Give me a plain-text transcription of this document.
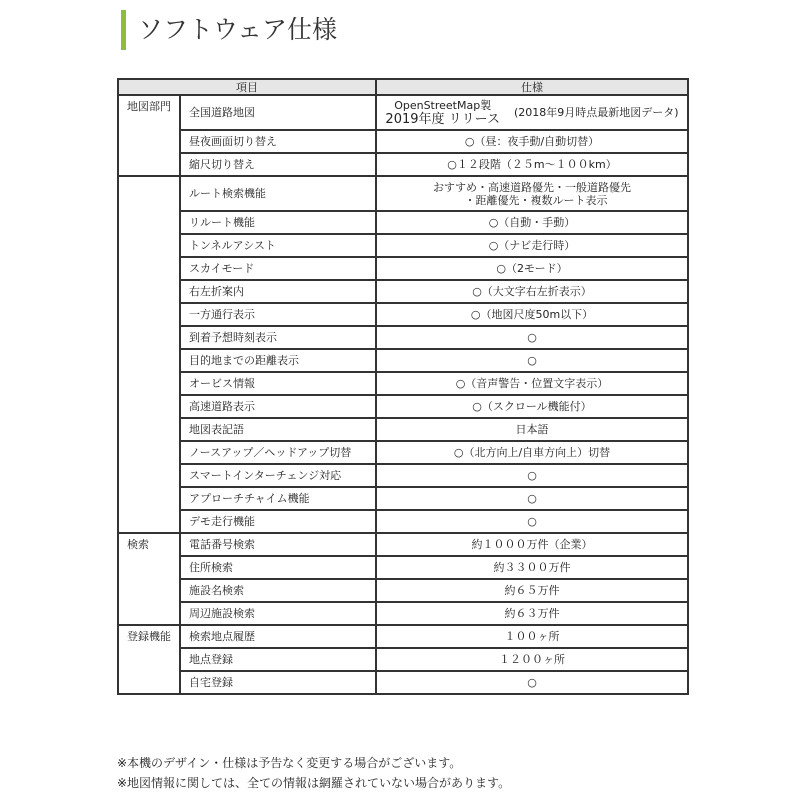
ソフトウェア仕様
項目		仕様
地図部門	全国道路地図	OpenStreetMap製
2019年度 リリース (2018年9月時点最新地図データ)

	昼夜画面切り替え	○（昼：夜手動/自動切替）
	縮尺切り替え	○１２段階（２５m～１００km）
	ルート検索機能	おすすめ・高速道路優先・一般道路優先
・距離優先・複数ルート表示

	リルート機能	○（自動・手動）
	トンネルアシスト	○（ナビ走行時）
	スカイモード	○（2モード）
	右左折案内	○（大文字右左折表示）
	一方通行表示	○（地図尺度50m以下）
	到着予想時刻表示	○
	目的地までの距離表示	○
	オービス情報	○（音声警告・位置文字表示）
	高速道路表示	○（スクロール機能付）
	地図表記語	日本語
	ノースアップ／ヘッドアップ切替	○（北方向上/自車方向上）切替
	スマートインターチェンジ対応	○
	アプローチチャイム機能	○
	デモ走行機能	○
検索	電話番号検索	約１０００万件（企業）
	住所検索	約３３００万件
	施設名検索	約６５万件
	周辺施設検索	約６３万件
登録機能	検索地点履歴	１００ヶ所
	地点登録	１２００ヶ所
	自宅登録	○
※本機のデザイン・仕様は予告なく変更する場合がございます。
※地図情報に関しては、全ての情報は網羅されていない場合があります。
